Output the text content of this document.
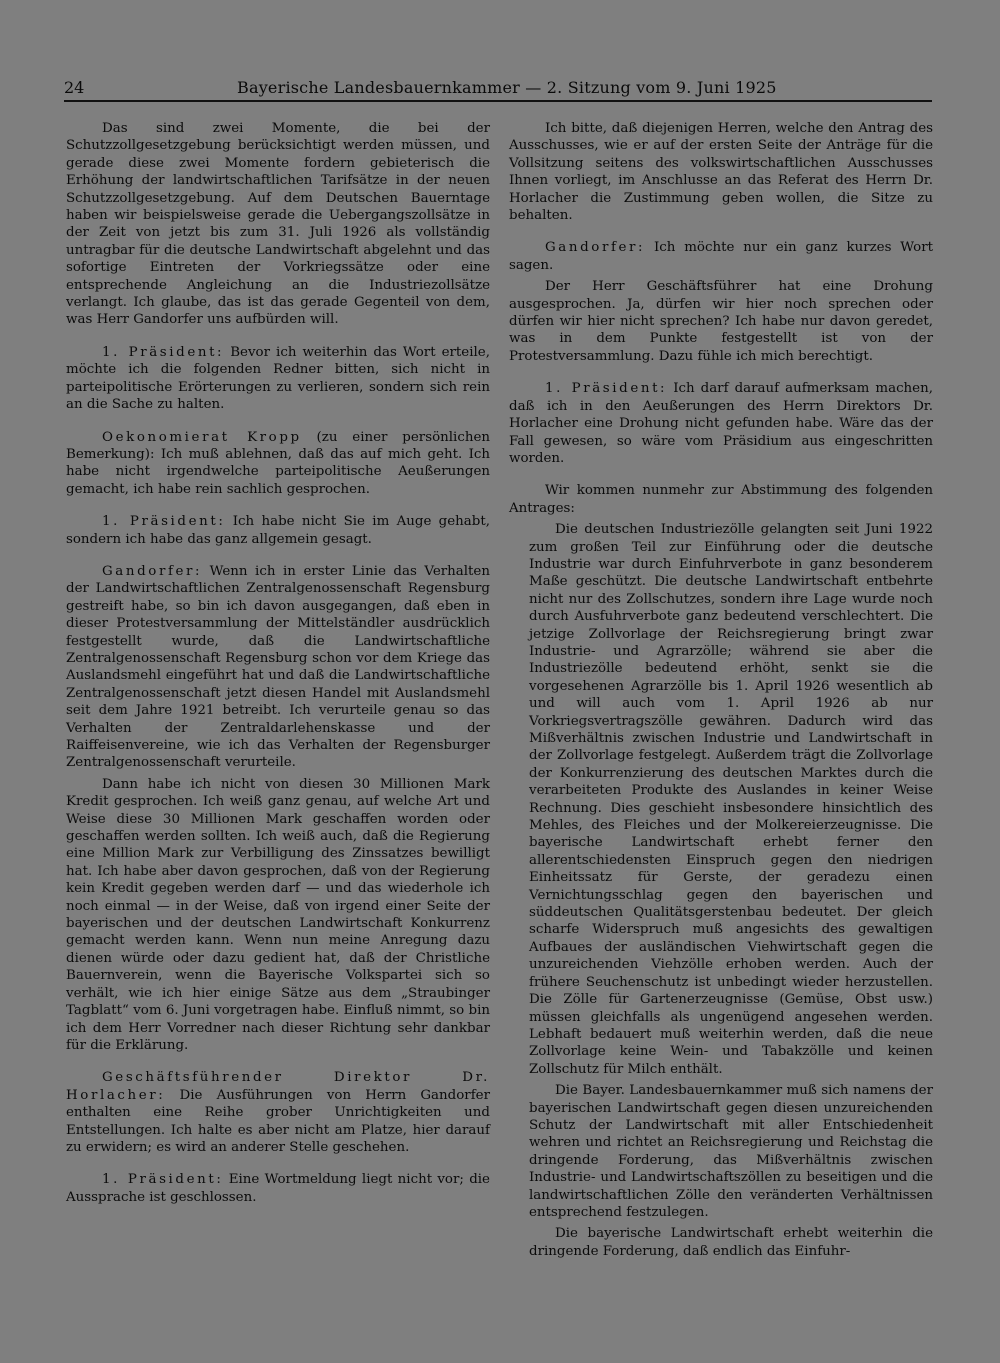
24	Bayerische Landesbauernkammer — 2. Sitzung vom 9. Juni 1925

Das sind zwei Momente, die bei der Schutzzollgesetzgebung berücksichtigt werden müssen, und gerade diese zwei Momente fordern gebieterisch die Erhöhung der landwirtschaftlichen Tarifsätze in der neuen Schutzzollgesetzgebung. Auf dem Deutschen Bauerntage haben wir beispielsweise gerade die Uebergangszollsätze in der Zeit von jetzt bis zum 31. Juli 1926 als vollständig untragbar für die deutsche Landwirtschaft abgelehnt und das sofortige Eintreten der Vorkriegssätze oder eine entsprechende Angleichung an die Industriezollsätze verlangt. Ich glaube, das ist das gerade Gegenteil von dem, was Herr Gandorfer uns aufbürden will.

1. Präsident: Bevor ich weiterhin das Wort erteile, möchte ich die folgenden Redner bitten, sich nicht in parteipolitische Erörterungen zu verlieren, sondern sich rein an die Sache zu halten.

Oekonomierat Kropp (zu einer persönlichen Bemerkung): Ich muß ablehnen, daß das auf mich geht. Ich habe nicht irgendwelche parteipolitische Aeußerungen gemacht, ich habe rein sachlich gesprochen.

1. Präsident: Ich habe nicht Sie im Auge gehabt, sondern ich habe das ganz allgemein gesagt.

Gandorfer: Wenn ich in erster Linie das Verhalten der Landwirtschaftlichen Zentralgenossenschaft Regensburg gestreift habe, so bin ich davon ausgegangen, daß eben in dieser Protestversammlung der Mittelständler ausdrücklich festgestellt wurde, daß die Landwirtschaftliche Zentralgenossenschaft Regensburg schon vor dem Kriege das Auslandsmehl eingeführt hat und daß die Landwirtschaftliche Zentralgenossenschaft jetzt diesen Handel mit Auslandsmehl seit dem Jahre 1921 betreibt. Ich verurteile genau so das Verhalten der Zentraldarlehenskasse und der Raiffeisenvereine, wie ich das Verhalten der Regensburger Zentralgenossenschaft verurteile.

Dann habe ich nicht von diesen 30 Millionen Mark Kredit gesprochen. Ich weiß ganz genau, auf welche Art und Weise diese 30 Millionen Mark geschaffen worden oder geschaffen werden sollten. Ich weiß auch, daß die Regierung eine Million Mark zur Verbilligung des Zinssatzes bewilligt hat. Ich habe aber davon gesprochen, daß von der Regierung kein Kredit gegeben werden darf — und das wiederhole ich noch einmal — in der Weise, daß von irgend einer Seite der bayerischen und der deutschen Landwirtschaft Konkurrenz gemacht werden kann. Wenn nun meine Anregung dazu dienen würde oder dazu gedient hat, daß der Christliche Bauernverein, wenn die Bayerische Volkspartei sich so verhält, wie ich hier einige Sätze aus dem „Straubinger Tagblatt“ vom 6. Juni vorgetragen habe. Einfluß nimmt, so bin ich dem Herr Vorredner nach dieser Richtung sehr dankbar für die Erklärung.

Geschäftsführender Direktor Dr. Horlacher: Die Ausführungen von Herrn Gandorfer enthalten eine Reihe grober Unrichtigkeiten und Entstellungen. Ich halte es aber nicht am Platze, hier darauf zu erwidern; es wird an anderer Stelle geschehen.

1. Präsident: Eine Wortmeldung liegt nicht vor; die Aussprache ist geschlossen.

Ich bitte, daß diejenigen Herren, welche den Antrag des Ausschusses, wie er auf der ersten Seite der Anträge für die Vollsitzung seitens des volkswirtschaftlichen Ausschusses Ihnen vorliegt, im Anschlusse an das Referat des Herrn Dr. Horlacher die Zustimmung geben wollen, die Sitze zu behalten.

Gandorfer: Ich möchte nur ein ganz kurzes Wort sagen.

Der Herr Geschäftsführer hat eine Drohung ausgesprochen. Ja, dürfen wir hier noch sprechen oder dürfen wir hier nicht sprechen? Ich habe nur davon geredet, was in dem Punkte festgestellt ist von der Protestversammlung. Dazu fühle ich mich berechtigt.

1. Präsident: Ich darf darauf aufmerksam machen, daß ich in den Aeußerungen des Herrn Direktors Dr. Horlacher eine Drohung nicht gefunden habe. Wäre das der Fall gewesen, so wäre vom Präsidium aus eingeschritten worden.

Wir kommen nunmehr zur Abstimmung des folgenden Antrages:

Die deutschen Industriezölle gelangten seit Juni 1922 zum großen Teil zur Einführung oder die deutsche Industrie war durch Einfuhrverbote in ganz besonderem Maße geschützt. Die deutsche Landwirtschaft entbehrte nicht nur des Zollschutzes, sondern ihre Lage wurde noch durch Ausfuhrverbote ganz bedeutend verschlechtert. Die jetzige Zollvorlage der Reichsregierung bringt zwar Industrie- und Agrarzölle; während sie aber die Industriezölle bedeutend erhöht, senkt sie die vorgesehenen Agrarzölle bis 1. April 1926 wesentlich ab und will auch vom 1. April 1926 ab nur Vorkriegsvertragszölle gewähren. Dadurch wird das Mißverhältnis zwischen Industrie und Landwirtschaft in der Zollvorlage festgelegt. Außerdem trägt die Zollvorlage der Konkurrenzierung des deutschen Marktes durch die verarbeiteten Produkte des Auslandes in keiner Weise Rechnung. Dies geschieht insbesondere hinsichtlich des Mehles, des Fleiches und der Molkereierzeugnisse. Die bayerische Landwirtschaft erhebt ferner den allerentschiedensten Einspruch gegen den niedrigen Einheitssatz für Gerste, der geradezu einen Vernichtungsschlag gegen den bayerischen und süddeutschen Qualitätsgerstenbau bedeutet. Der gleich scharfe Widerspruch muß angesichts des gewaltigen Aufbaues der ausländischen Viehwirtschaft gegen die unzureichenden Viehzölle erhoben werden. Auch der frühere Seuchenschutz ist unbedingt wieder herzustellen. Die Zölle für Gartenerzeugnisse (Gemüse, Obst usw.) müssen gleichfalls als ungenügend angesehen werden. Lebhaft bedauert muß weiterhin werden, daß die neue Zollvorlage keine Wein- und Tabakzölle und keinen Zollschutz für Milch enthält.

Die Bayer. Landesbauernkammer muß sich namens der bayerischen Landwirtschaft gegen diesen unzureichenden Schutz der Landwirtschaft mit aller Entschiedenheit wehren und richtet an Reichsregierung und Reichstag die dringende Forderung, das Mißverhältnis zwischen Industrie- und Landwirtschaftszöllen zu beseitigen und die landwirtschaftlichen Zölle den veränderten Verhältnissen entsprechend festzulegen.

Die bayerische Landwirtschaft erhebt weiterhin die dringende Forderung, daß endlich das Einfuhr-
